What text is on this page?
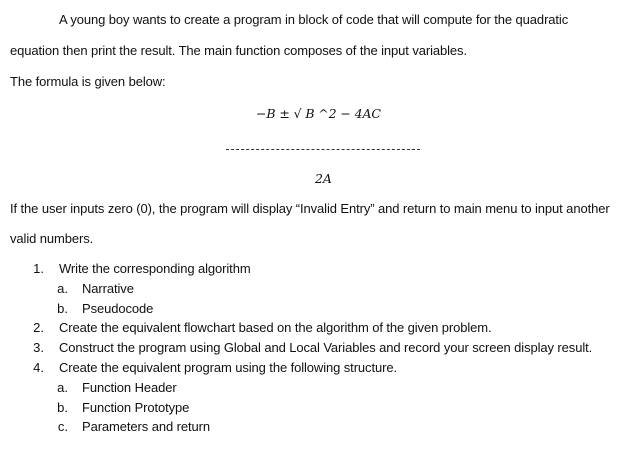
A young boy wants to create a program in block of code that will compute for the quadratic
equation then print the result. The main function composes of the input variables.
The formula is given below:
−B ± √ B ^2 − 4AC
2A
If the user inputs zero (0), the program will display “Invalid Entry” and return to main menu to input another
valid numbers.
1. Write the corresponding algorithm
a. Narrative
b. Pseudocode
2. Create the equivalent flowchart based on the algorithm of the given problem.
3. Construct the program using Global and Local Variables and record your screen display result.
4. Create the equivalent program using the following structure.
a. Function Header
b. Function Prototype
c. Parameters and return
